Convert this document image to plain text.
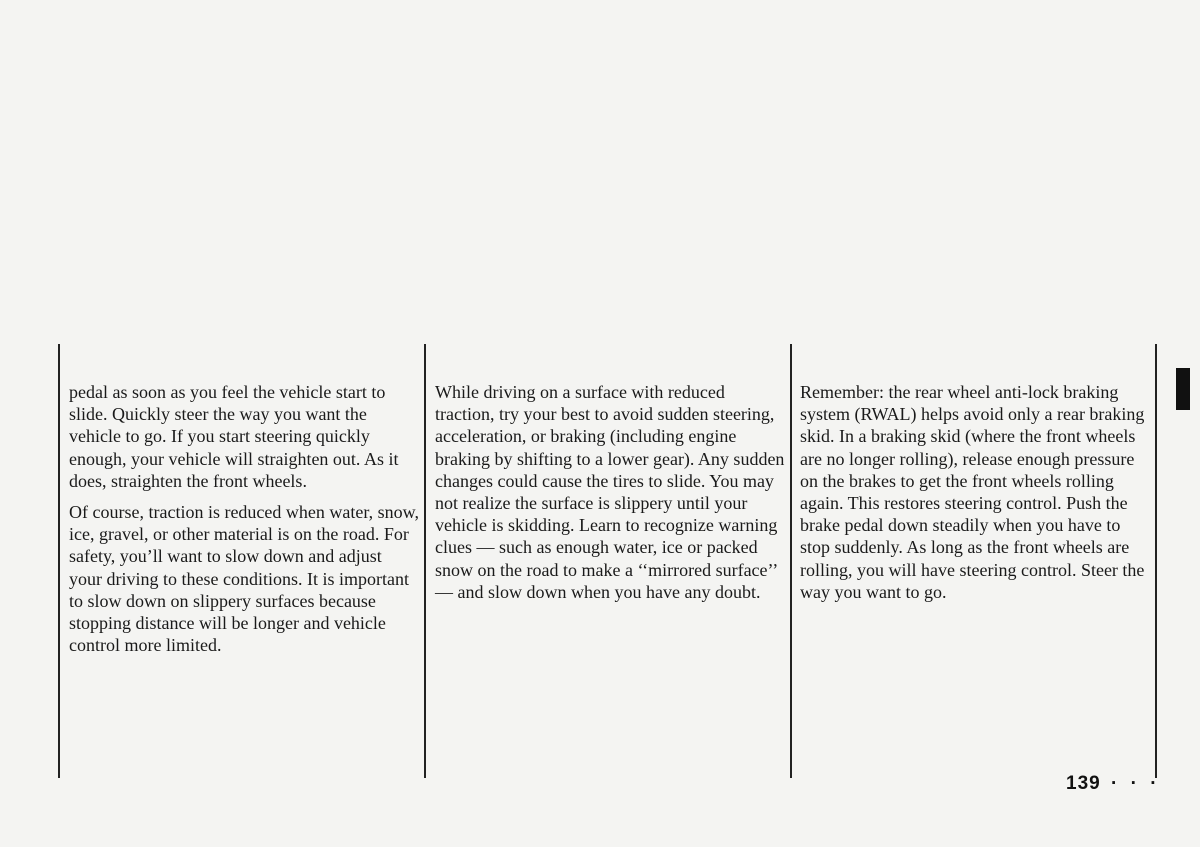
pedal as soon as you feel the vehicle start to slide. Quickly steer the way you want the vehicle to go. If you start steering quickly enough, your vehicle will straighten out. As it does, straighten the front wheels.

Of course, traction is reduced when water, snow, ice, gravel, or other material is on the road. For safety, you’ll want to slow down and adjust your driving to these conditions. It is important to slow down on slippery surfaces because stopping distance will be longer and vehicle control more limited.

While driving on a surface with reduced traction, try your best to avoid sudden steering, acceleration, or braking (including engine braking by shifting to a lower gear). Any sudden changes could cause the tires to slide. You may not realize the surface is slippery until your vehicle is skidding. Learn to recognize warning clues — such as enough water, ice or packed snow on the road to make a ‘‘mirrored surface’’ — and slow down when you have any doubt.

Remember: the rear wheel anti-lock braking system (RWAL) helps avoid only a rear braking skid. In a braking skid (where the front wheels are no longer rolling), release enough pressure on the brakes to get the front wheels rolling again. This restores steering control. Push the brake pedal down steadily when you have to stop suddenly. As long as the front wheels are rolling, you will have steering control. Steer the way you want to go.

139 · · ·
